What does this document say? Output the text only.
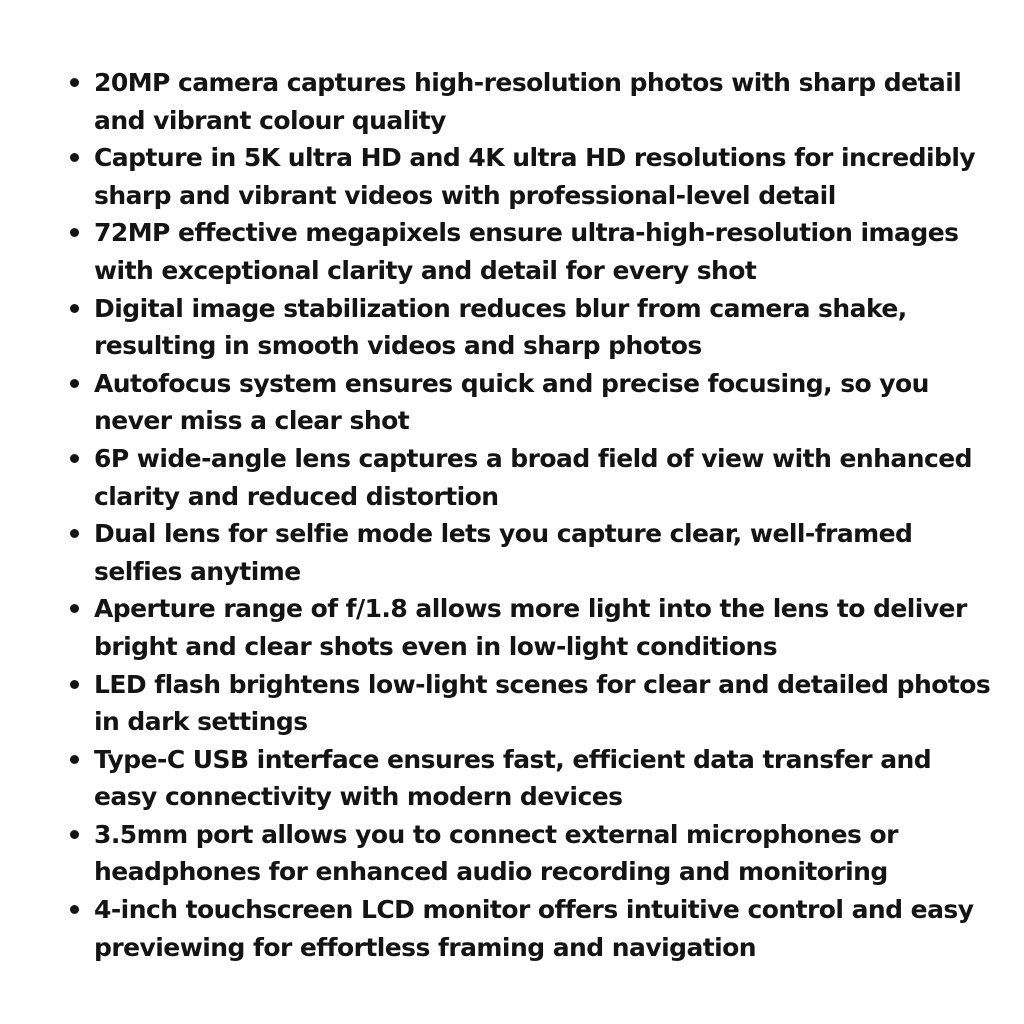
20MP camera captures high-resolution photos with sharp detail
and vibrant colour quality
Capture in 5K ultra HD and 4K ultra HD resolutions for incredibly
sharp and vibrant videos with professional-level detail
72MP effective megapixels ensure ultra-high-resolution images
with exceptional clarity and detail for every shot
Digital image stabilization reduces blur from camera shake,
resulting in smooth videos and sharp photos
Autofocus system ensures quick and precise focusing, so you
never miss a clear shot
6P wide-angle lens captures a broad field of view with enhanced
clarity and reduced distortion
Dual lens for selfie mode lets you capture clear, well-framed
selfies anytime
Aperture range of f/1.8 allows more light into the lens to deliver
bright and clear shots even in low-light conditions
LED flash brightens low-light scenes for clear and detailed photos
in dark settings
Type-C USB interface ensures fast, efficient data transfer and
easy connectivity with modern devices
3.5mm port allows you to connect external microphones or
headphones for enhanced audio recording and monitoring
4-inch touchscreen LCD monitor offers intuitive control and easy
previewing for effortless framing and navigation
